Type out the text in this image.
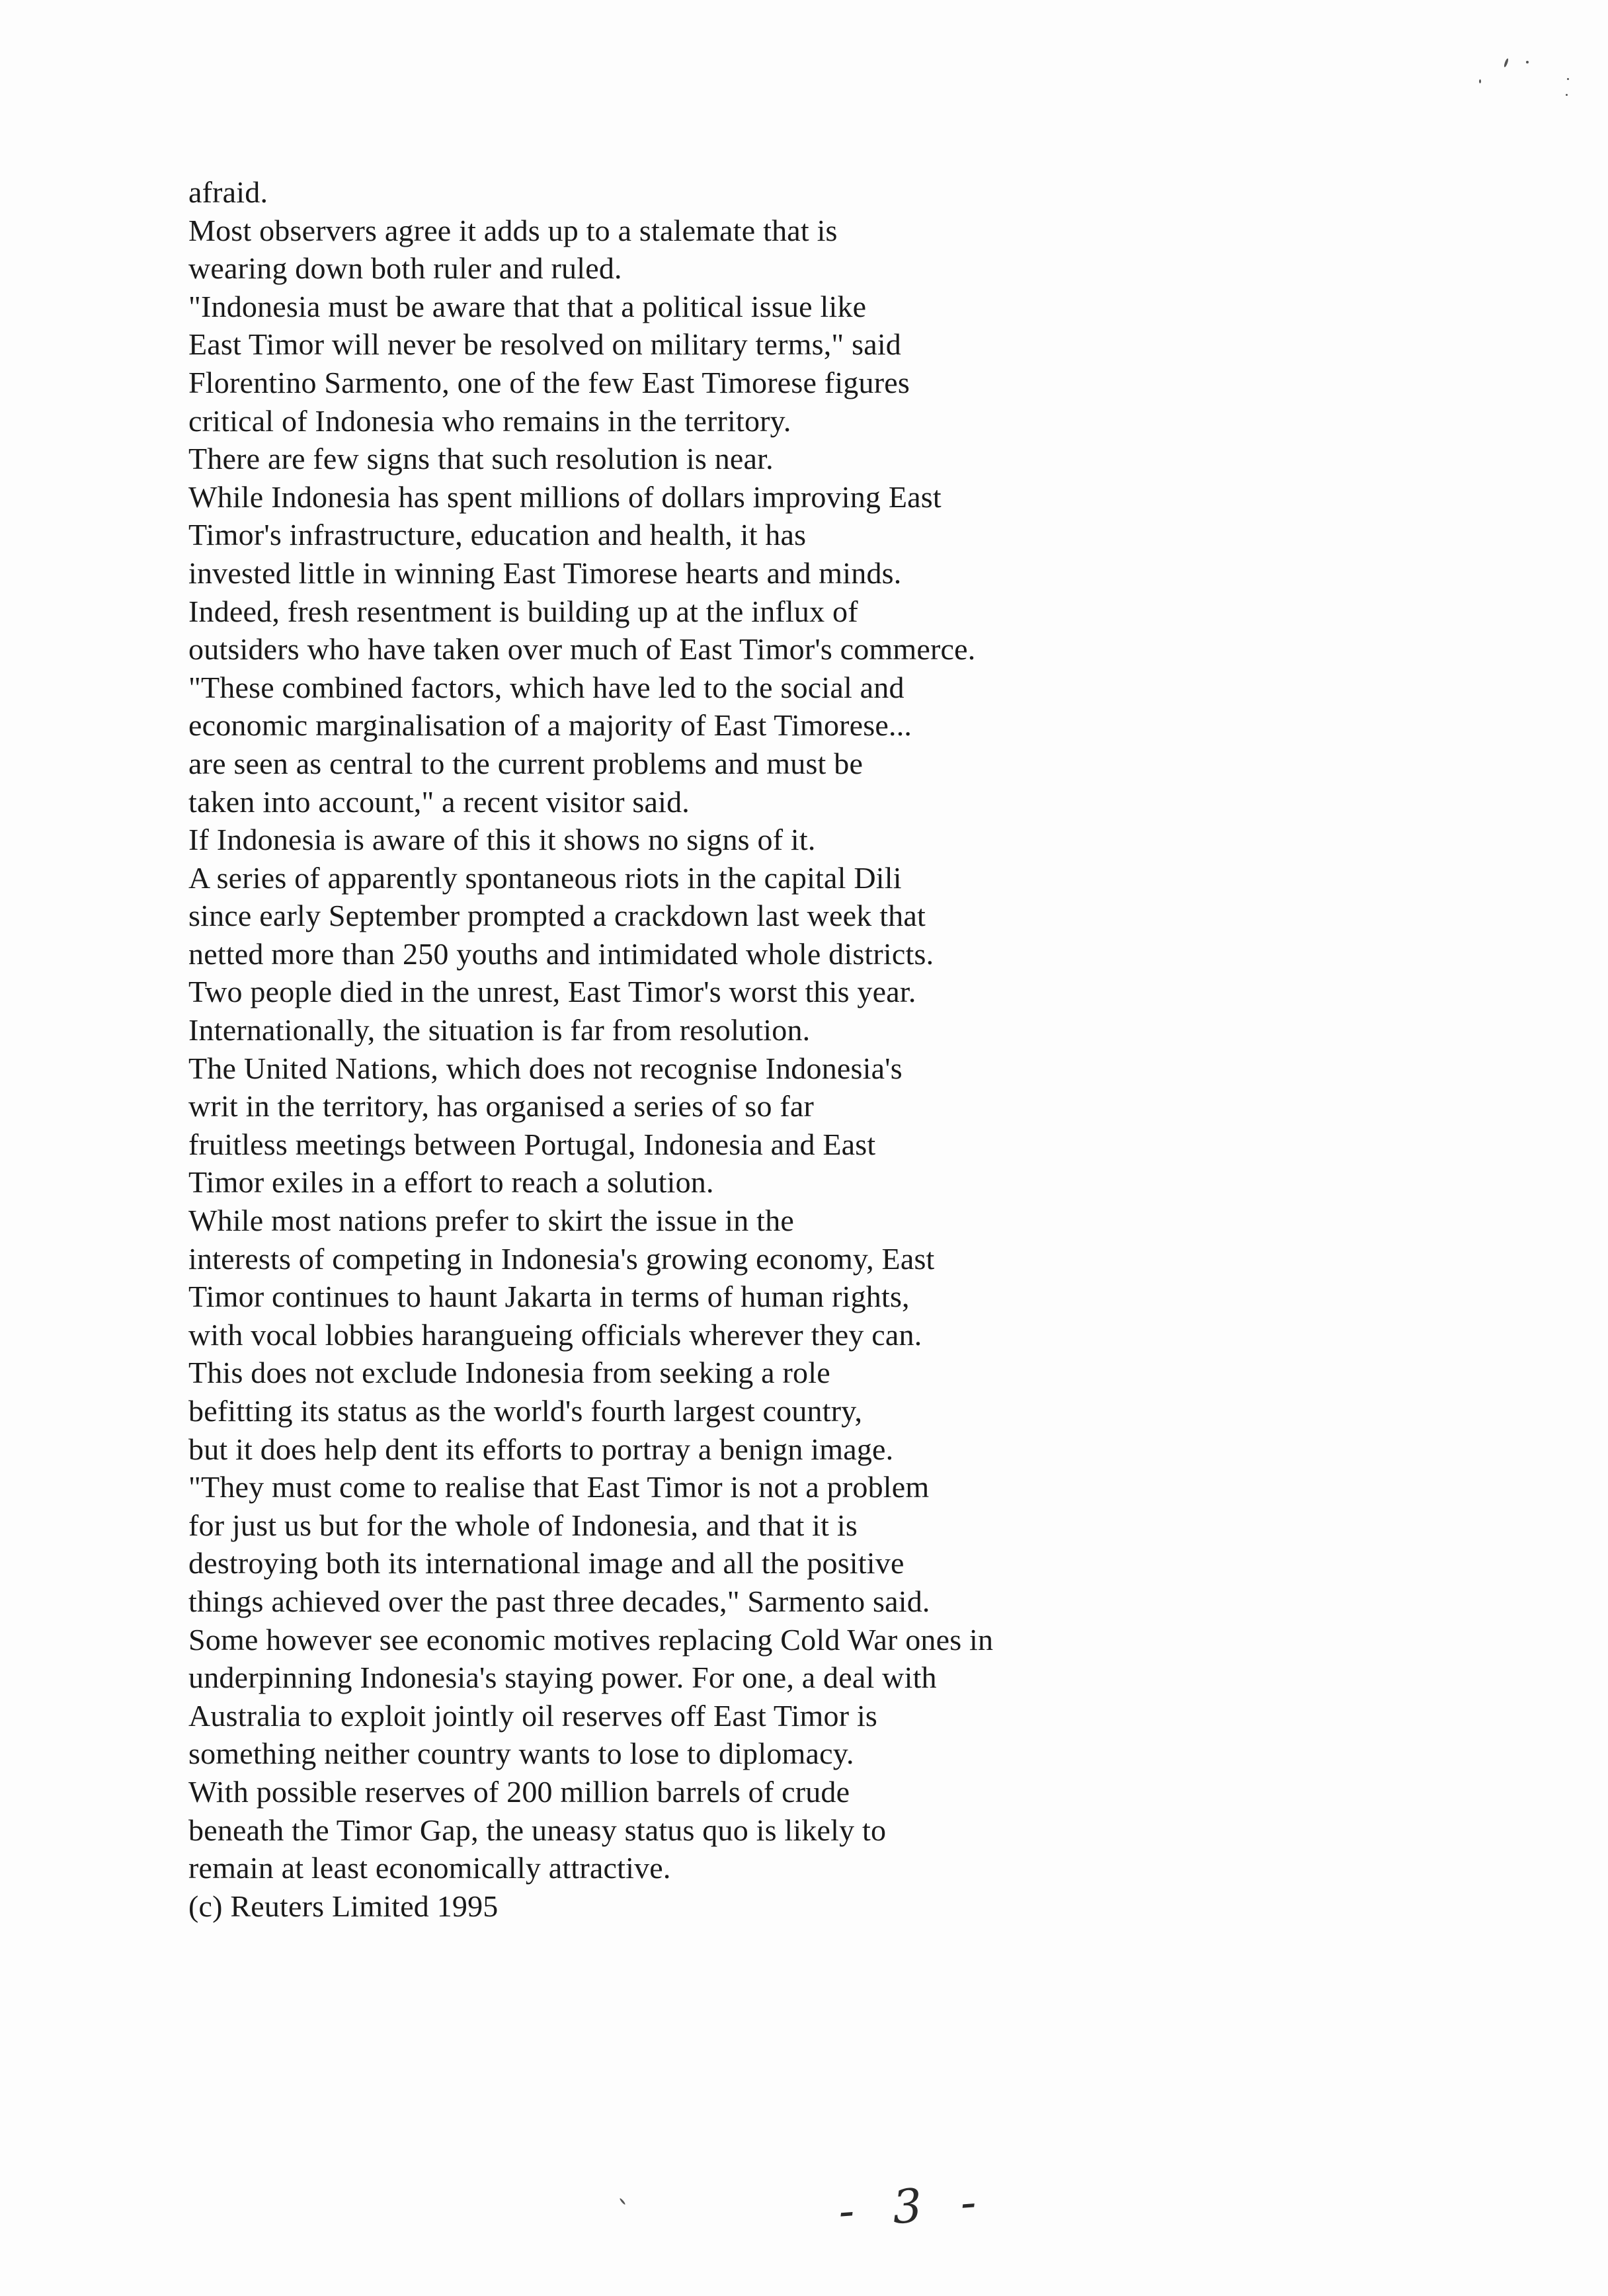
afraid.
Most observers agree it adds up to a stalemate that is
wearing down both ruler and ruled.
"Indonesia must be aware that that a political issue like
East Timor will never be resolved on military terms," said
Florentino Sarmento, one of the few East Timorese figures
critical of Indonesia who remains in the territory.
There are few signs that such resolution is near.
While Indonesia has spent millions of dollars improving East
Timor's infrastructure, education and health, it has
invested little in winning East Timorese hearts and minds.
Indeed, fresh resentment is building up at the influx of
outsiders who have taken over much of East Timor's commerce.
"These combined factors, which have led to the social and
economic marginalisation of a majority of East Timorese...
are seen as central to the current problems and must be
taken into account," a recent visitor said.
If Indonesia is aware of this it shows no signs of it.
A series of apparently spontaneous riots in the capital Dili
since early September prompted a crackdown last week that
netted more than 250 youths and intimidated whole districts.
Two people died in the unrest, East Timor's worst this year.
Internationally, the situation is far from resolution.
The United Nations, which does not recognise Indonesia's
writ in the territory, has organised a series of so far
fruitless meetings between Portugal, Indonesia and East
Timor exiles in a effort to reach a solution.
While most nations prefer to skirt the issue in the
interests of competing in Indonesia's growing economy, East
Timor continues to haunt Jakarta in terms of human rights,
with vocal lobbies harangueing officials wherever they can.
This does not exclude Indonesia from seeking a role
befitting its status as the world's fourth largest country,
but it does help dent its efforts to portray a benign image.
"They must come to realise that East Timor is not a problem
for just us but for the whole of Indonesia, and that it is
destroying both its international image and all the positive
things achieved over the past three decades," Sarmento said.
Some however see economic motives replacing Cold War ones in
underpinning Indonesia's staying power. For one, a deal with
Australia to exploit jointly oil reserves off East Timor is
something neither country wants to lose to diplomacy.
With possible reserves of 200 million barrels of crude
beneath the Timor Gap, the uneasy status quo is likely to
remain at least economically attractive.
(c) Reuters Limited 1995
- 3 -
